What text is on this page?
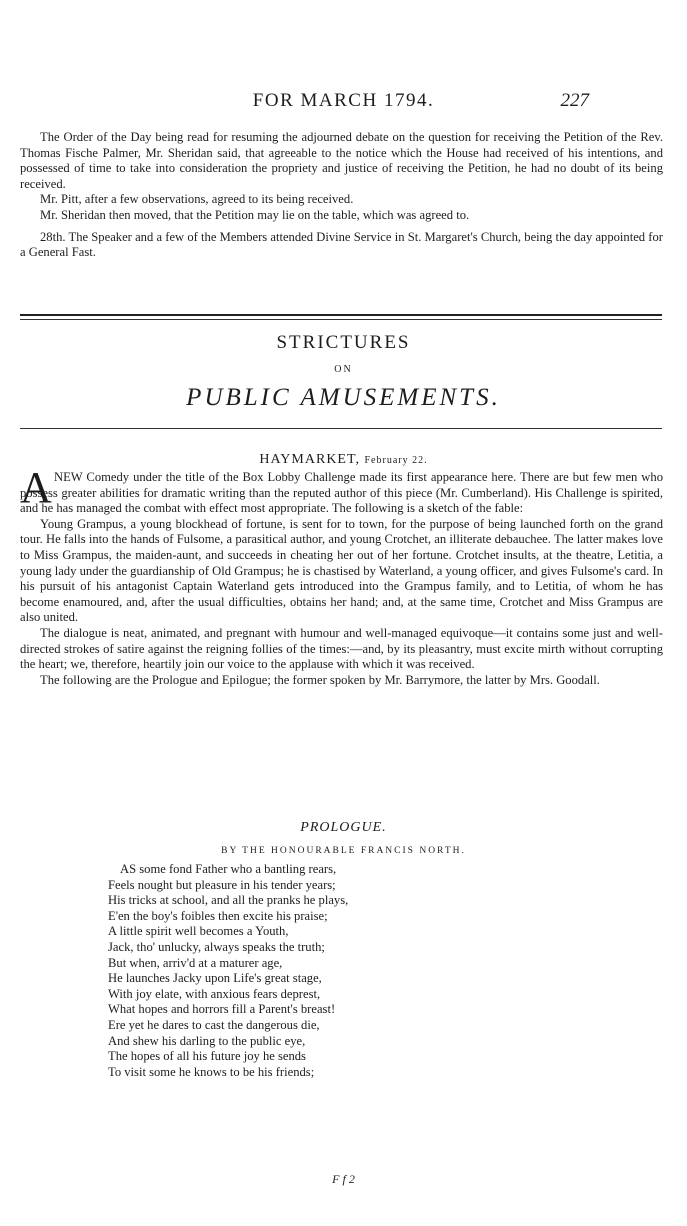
FOR MARCH 1794.	227

The Order of the Day being read for resuming the adjourned debate on the question for receiving the Petition of the Rev. Thomas Fische Palmer, Mr. Sheridan said, that agreeable to the notice which the House had received of his intentions, and possessed of time to take into consideration the propriety and justice of receiving the Petition, he had no doubt of its being received.

Mr. Pitt, after a few observations, agreed to its being received.

Mr. Sheridan then moved, that the Petition may lie on the table, which was agreed to.

28th. The Speaker and a few of the Members attended Divine Service in St. Margaret's Church, being the day appointed for a General Fast.

STRICTURES
ON
PUBLIC AMUSEMENTS.
HAYMARKET, February 22.
A NEW Comedy under the title of the Box Lobby Challenge made its first appearance here. There are but few men who possess greater abilities for dramatic writing than the reputed author of this piece (Mr. Cumberland). His Challenge is spirited, and he has managed the combat with effect most appropriate. The following is a sketch of the fable:

Young Grampus, a young blockhead of fortune, is sent for to town, for the purpose of being launched forth on the grand tour. He falls into the hands of Fulsome, a parasitical author, and young Crotchet, an illiterate debauchee. The latter makes love to Miss Grampus, the maiden-aunt, and succeeds in cheating her out of her fortune. Crotchet insults, at the theatre, Letitia, a young lady under the guardianship of Old Grampus; he is chastised by Waterland, a young officer, and gives Fulsome's card. In his pursuit of his antagonist Captain Waterland gets introduced into the Grampus family, and to Letitia, of whom he has become enamoured, and, after the usual difficulties, obtains her hand; and, at the same time, Crotchet and Miss Grampus are also united.

The dialogue is neat, animated, and pregnant with humour and well-managed equivoque—it contains some just and well-directed strokes of satire against the reigning follies of the times:—and, by its pleasantry, must excite mirth without corrupting the heart; we, therefore, heartily join our voice to the applause with which it was received.

The following are the Prologue and Epilogue; the former spoken by Mr. Barrymore, the latter by Mrs. Goodall.

PROLOGUE.
BY THE HONOURABLE FRANCIS NORTH.
AS some fond Father who a bantling rears,
Feels nought but pleasure in his tender years;
His tricks at school, and all the pranks he plays,
E'en the boy's foibles then excite his praise;
A little spirit well becomes a Youth,
Jack, tho' unlucky, always speaks the truth;
But when, arriv'd at a maturer age,
He launches Jacky upon Life's great stage,
With joy elate, with anxious fears deprest,
What hopes and horrors fill a Parent's breast!
Ere yet he dares to cast the dangerous die,
And shew his darling to the public eye,
The hopes of all his future joy he sends
To visit some he knows to be his friends;
F f 2
